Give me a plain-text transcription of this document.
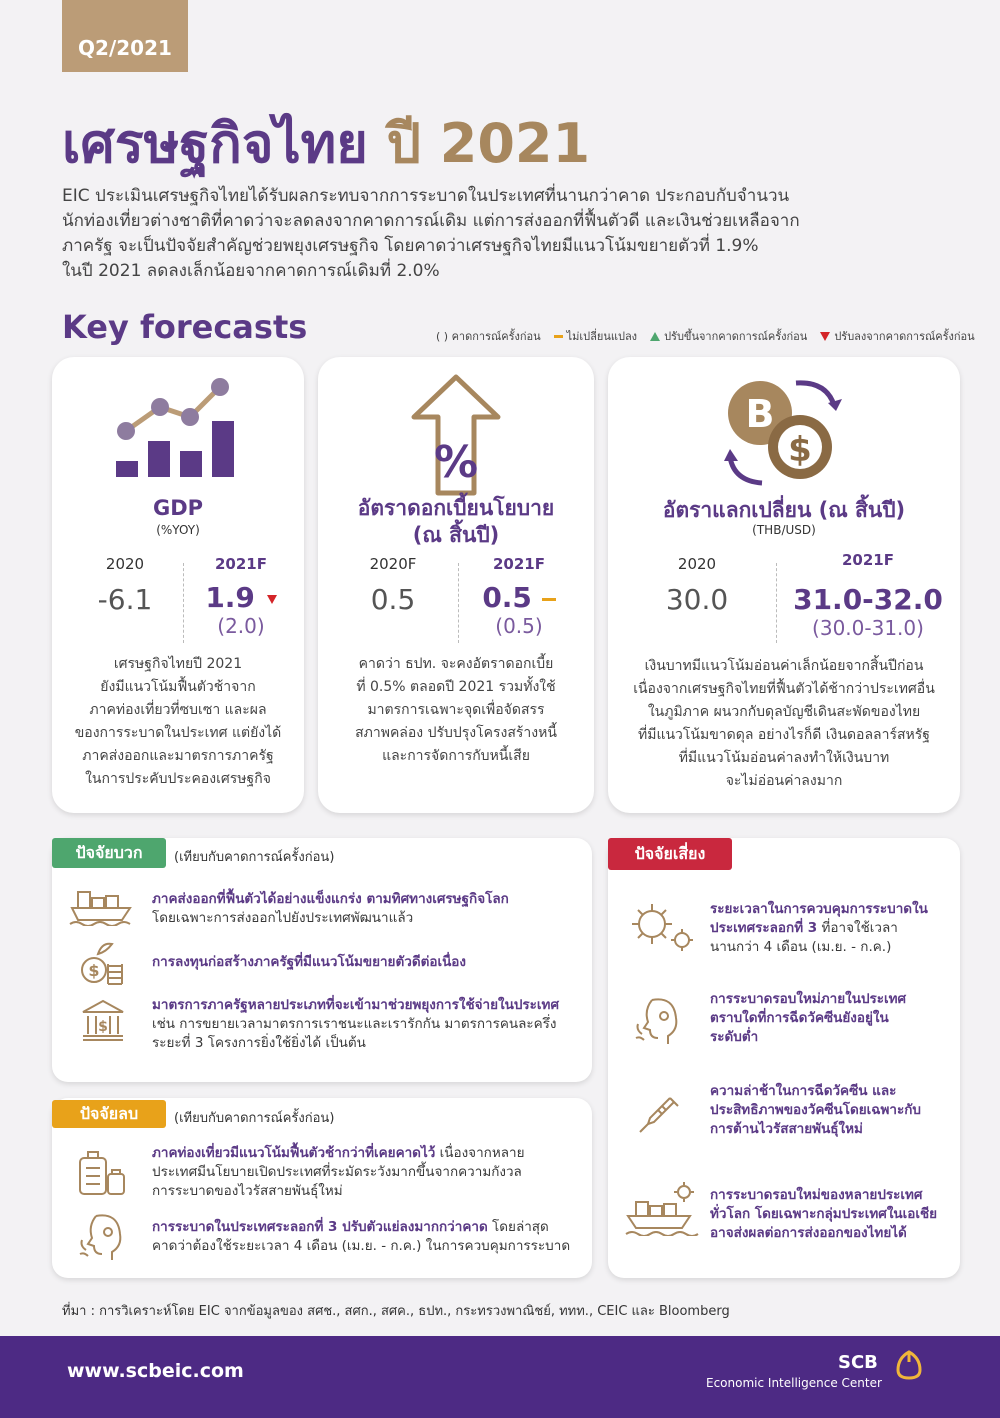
Q2/2021
เศรษฐกิจไทย ปี 2021
EIC ประเมินเศรษฐกิจไทยได้รับผลกระทบจากการระบาดในประเทศที่นานกว่าคาด ประกอบกับจำนวน
นักท่องเที่ยวต่างชาติที่คาดว่าจะลดลงจากคาดการณ์เดิม แต่การส่งออกที่ฟื้นตัวดี และเงินช่วยเหลือจาก
ภาครัฐ จะเป็นปัจจัยสำคัญช่วยพยุงเศรษฐกิจ โดยคาดว่าเศรษฐกิจไทยมีแนวโน้มขยายตัวที่ 1.9%
ในปี 2021 ลดลงเล็กน้อยจากคาดการณ์เดิมที่ 2.0%
Key forecasts	( ) คาดการณ์ครั้งก่อน ไม่เปลี่ยนแปลง ปรับขึ้นจากคาดการณ์ครั้งก่อน ปรับลงจากคาดการณ์ครั้งก่อน
GDP
(%YOY)
2020
-6.1
2021F
1.9
(2.0)
เศรษฐกิจไทยปี 2021
ยังมีแนวโน้มฟื้นตัวช้าจาก
ภาคท่องเที่ยวที่ซบเซา และผล
ของการระบาดในประเทศ แต่ยังได้
ภาคส่งออกและมาตรการภาครัฐ
ในการประคับประคองเศรษฐกิจ
%
อัตราดอกเบี้ยนโยบาย
(ณ สิ้นปี)
2020F
0.5
2021F
0.5
(0.5)
คาดว่า ธปท. จะคงอัตราดอกเบี้ย
ที่ 0.5% ตลอดปี 2021 รวมทั้งใช้
มาตรการเฉพาะจุดเพื่อจัดสรร
สภาพคล่อง ปรับปรุงโครงสร้างหนี้
และการจัดการกับหนี้เสีย
B
$
อัตราแลกเปลี่ยน (ณ สิ้นปี)
(THB/USD)
2020
30.0
2021F
31.0-32.0
(30.0-31.0)
เงินบาทมีแนวโน้มอ่อนค่าเล็กน้อยจากสิ้นปีก่อน
เนื่องจากเศรษฐกิจไทยที่ฟื้นตัวได้ช้ากว่าประเทศอื่น
ในภูมิภาค ผนวกกับดุลบัญชีเดินสะพัดของไทย
ที่มีแนวโน้มขาดดุล อย่างไรก็ดี เงินดอลลาร์สหรัฐ
ที่มีแนวโน้มอ่อนค่าลงทำให้เงินบาท
จะไม่อ่อนค่าลงมาก
ปัจจัยบวก	(เทียบกับคาดการณ์ครั้งก่อน)
ภาคส่งออกที่ฟื้นตัวได้อย่างแข็งแกร่ง ตามทิศทางเศรษฐกิจโลก
โดยเฉพาะการส่งออกไปยังประเทศพัฒนาแล้ว
$	การลงทุนก่อสร้างภาครัฐที่มีแนวโน้มขยายตัวดีต่อเนื่อง
$
มาตรการภาครัฐหลายประเภทที่จะเข้ามาช่วยพยุงการใช้จ่ายในประเทศ
เช่น การขยายเวลามาตรการเราชนะและเรารักกัน มาตรการคนละครึ่ง
ระยะที่ 3 โครงการยิ่งใช้ยิ่งได้ เป็นต้น
ปัจจัยลบ	(เทียบกับคาดการณ์ครั้งก่อน)
ภาคท่องเที่ยวมีแนวโน้มฟื้นตัวช้ากว่าที่เคยคาดไว้ เนื่องจากหลาย
ประเทศมีนโยบายเปิดประเทศที่ระมัดระวังมากขึ้นจากความกังวล
การระบาดของไวรัสสายพันธุ์ใหม่
การระบาดในประเทศระลอกที่ 3 ปรับตัวแย่ลงมากกว่าคาด โดยล่าสุด
คาดว่าต้องใช้ระยะเวลา 4 เดือน (เม.ย. - ก.ค.) ในการควบคุมการระบาด
ปัจจัยเสี่ยง
ระยะเวลาในการควบคุมการระบาดใน
ประเทศระลอกที่ 3 ที่อาจใช้เวลา
นานกว่า 4 เดือน (เม.ย. - ก.ค.)
การระบาดรอบใหม่ภายในประเทศ
ตราบใดที่การฉีดวัคซีนยังอยู่ใน
ระดับต่ำ
ความล่าช้าในการฉีดวัคซีน และ
ประสิทธิภาพของวัคซีนโดยเฉพาะกับ
การต้านไวรัสสายพันธุ์ใหม่
การระบาดรอบใหม่ของหลายประเทศ
ทั่วโลก โดยเฉพาะกลุ่มประเทศในเอเชีย
อาจส่งผลต่อการส่งออกของไทยได้
ที่มา : การวิเคราะห์โดย EIC จากข้อมูลของ สศช., สศก., สศค., ธปท., กระทรวงพาณิชย์, ททท., CEIC และ Bloomberg
www.scbeic.com	SCB
Economic Intelligence Center
